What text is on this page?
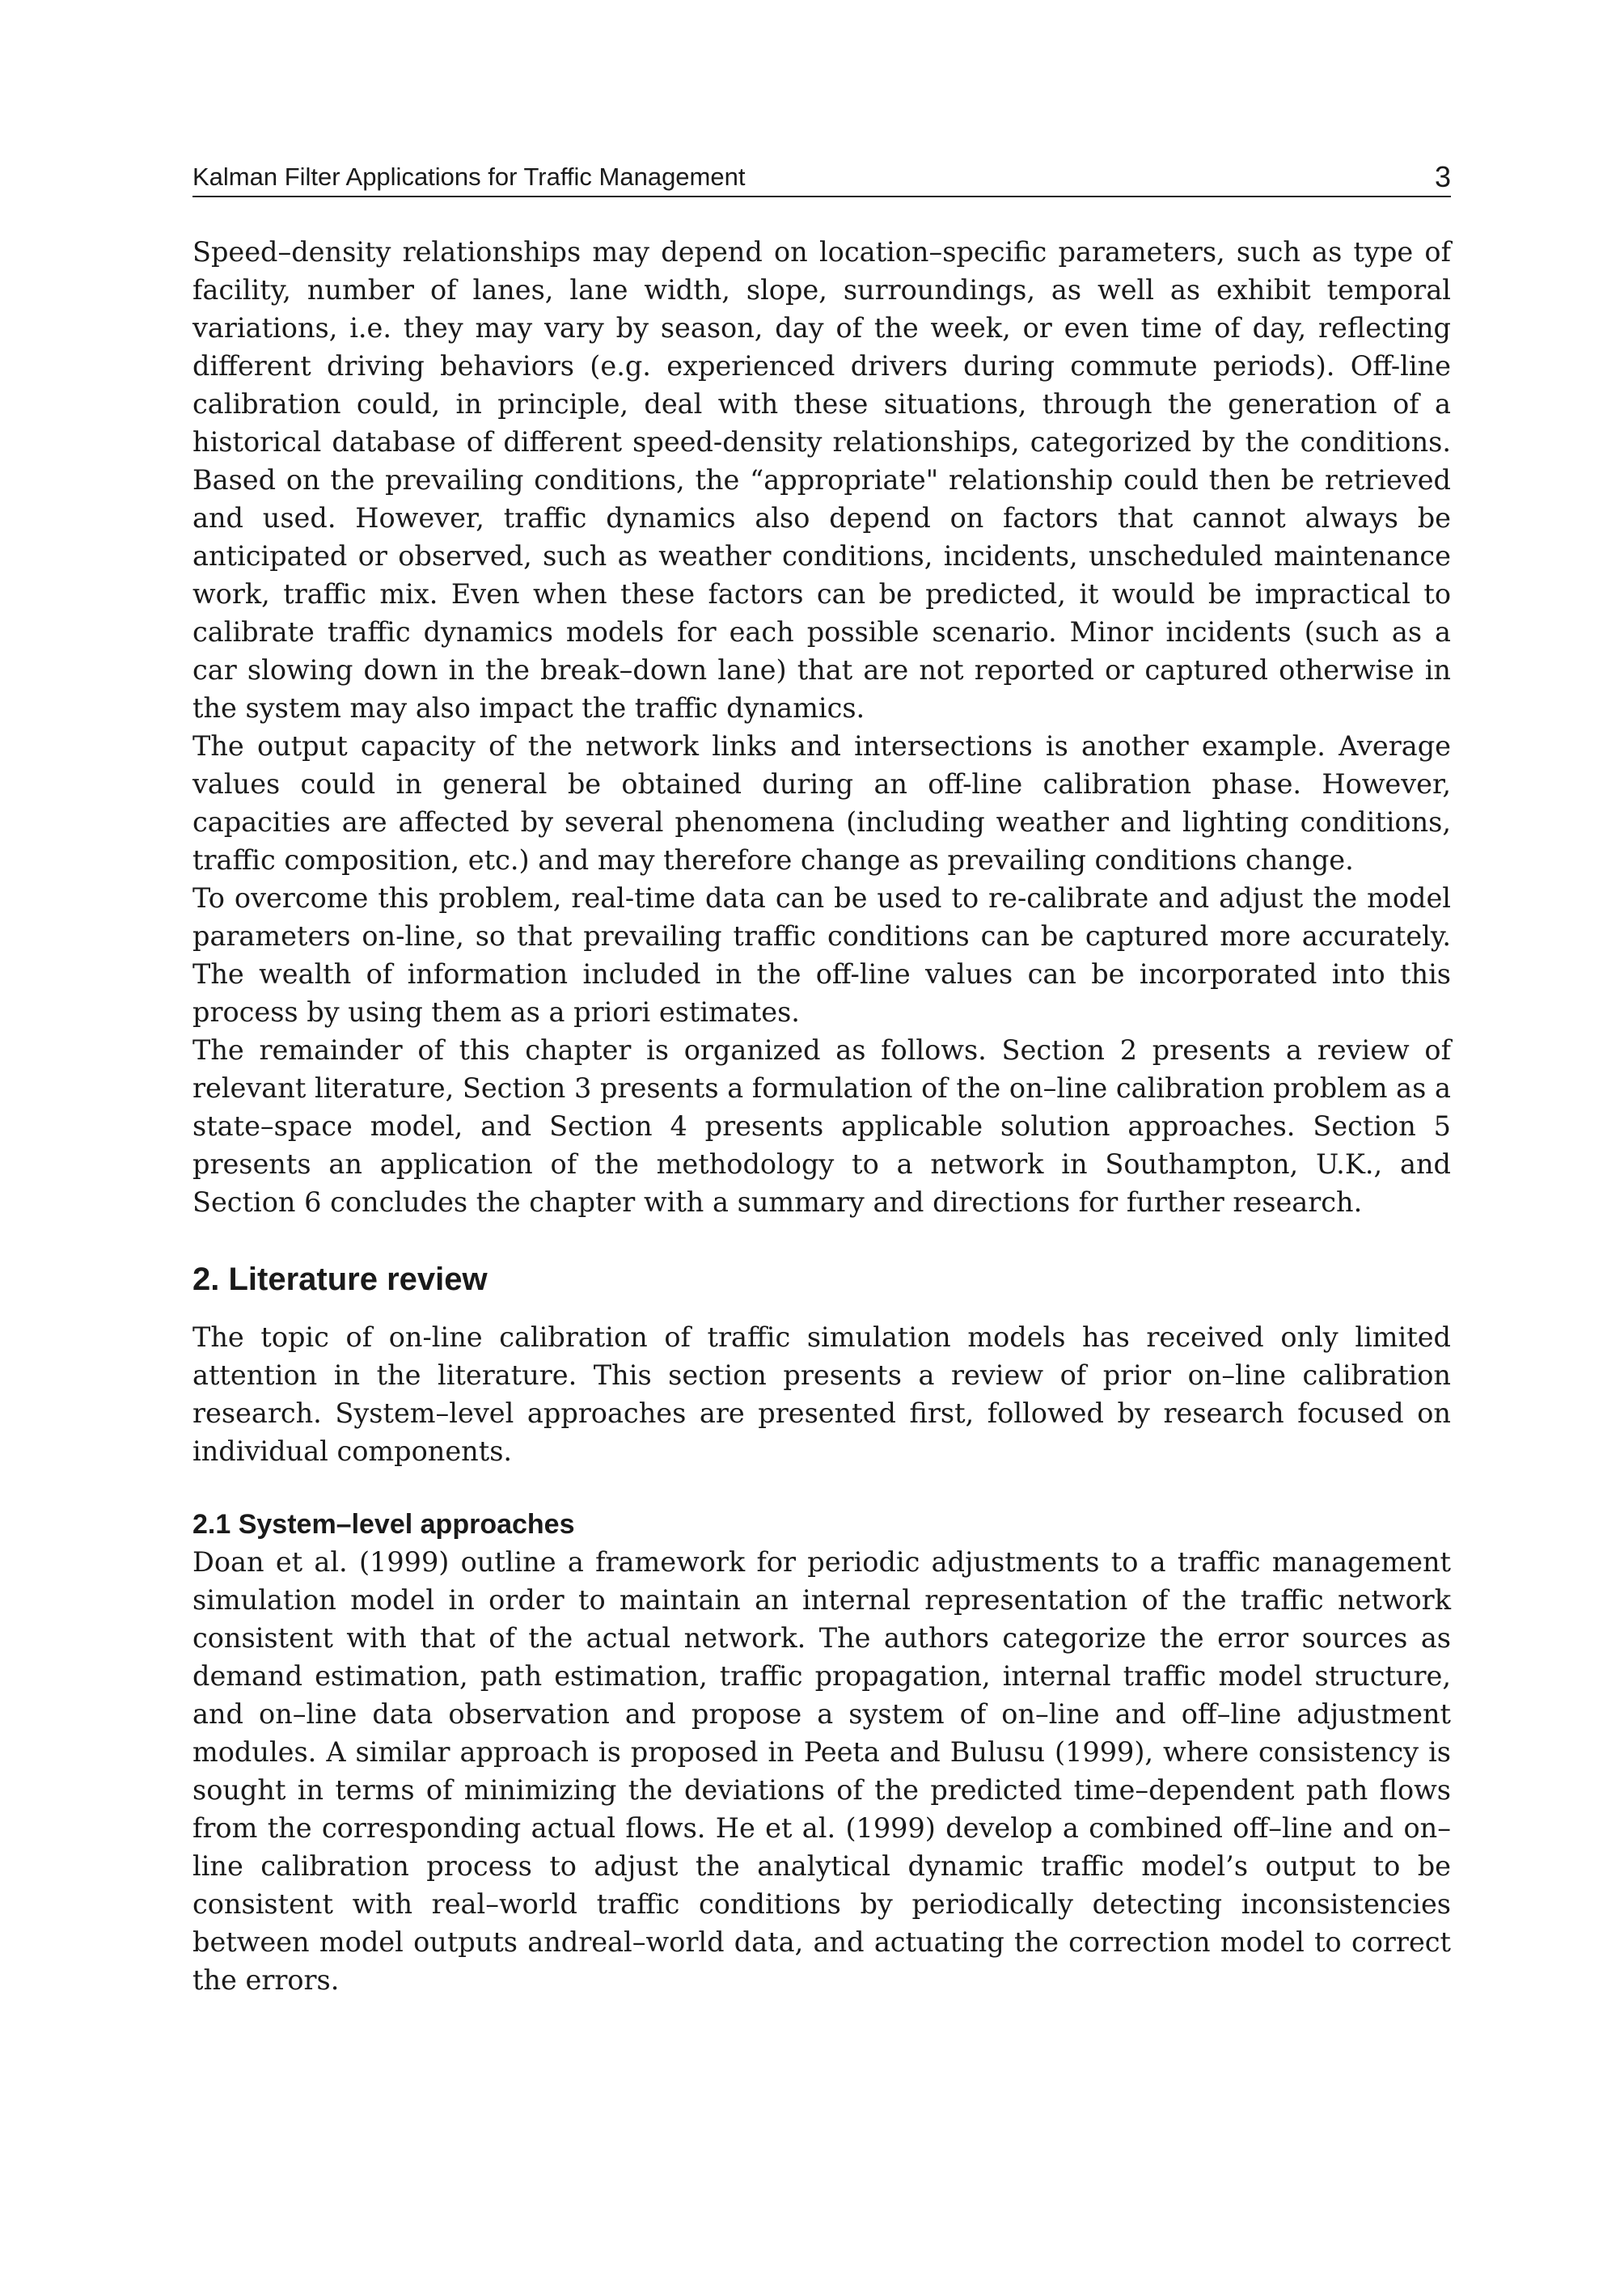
Kalman Filter Applications for Traffic Management	3

Speed–density relationships may depend on location–specific parameters, such as type of facility, number of lanes, lane width, slope, surroundings, as well as exhibit temporal variations, i.e. they may vary by season, day of the week, or even time of day, reflecting different driving behaviors (e.g. experienced drivers during commute periods). Off-line calibration could, in principle, deal with these situations, through the generation of a historical database of different speed-density relationships, categorized by the conditions. Based on the prevailing conditions, the “appropriate" relationship could then be retrieved and used. However, traffic dynamics also depend on factors that cannot always be anticipated or observed, such as weather conditions, incidents, unscheduled maintenance work, traffic mix. Even when these factors can be predicted, it would be impractical to calibrate traffic dynamics models for each possible scenario. Minor incidents (such as a car slowing down in the break–down lane) that are not reported or captured otherwise in the system may also impact the traffic dynamics.

The output capacity of the network links and intersections is another example. Average values could in general be obtained during an off-line calibration phase. However, capacities are affected by several phenomena (including weather and lighting conditions, traffic composition, etc.) and may therefore change as prevailing conditions change.

To overcome this problem, real-time data can be used to re-calibrate and adjust the model parameters on-line, so that prevailing traffic conditions can be captured more accurately. The wealth of information included in the off-line values can be incorporated into this process by using them as a priori estimates.

The remainder of this chapter is organized as follows. Section 2 presents a review of relevant literature, Section 3 presents a formulation of the on–line calibration problem as a state–space model, and Section 4 presents applicable solution approaches. Section 5 presents an application of the methodology to a network in Southampton, U.K., and Section 6 concludes the chapter with a summary and directions for further research.

2. Literature review

The topic of on-line calibration of traffic simulation models has received only limited attention in the literature. This section presents a review of prior on–line calibration research. System–level approaches are presented first, followed by research focused on individual components.

2.1 System–level approaches

Doan et al. (1999) outline a framework for periodic adjustments to a traffic management simulation model in order to maintain an internal representation of the traffic network consistent with that of the actual network. The authors categorize the error sources as demand estimation, path estimation, traffic propagation, internal traffic model structure, and on–line data observation and propose a system of on–line and off–line adjustment modules. A similar approach is proposed in Peeta and Bulusu (1999), where consistency is sought in terms of minimizing the deviations of the predicted time–dependent path flows from the corresponding actual flows. He et al. (1999) develop a combined off–line and on–line calibration process to adjust the analytical dynamic traffic model’s output to be consistent with real–world traffic conditions by periodically detecting inconsistencies between model outputs andreal–world data, and actuating the correction model to correct the errors.
